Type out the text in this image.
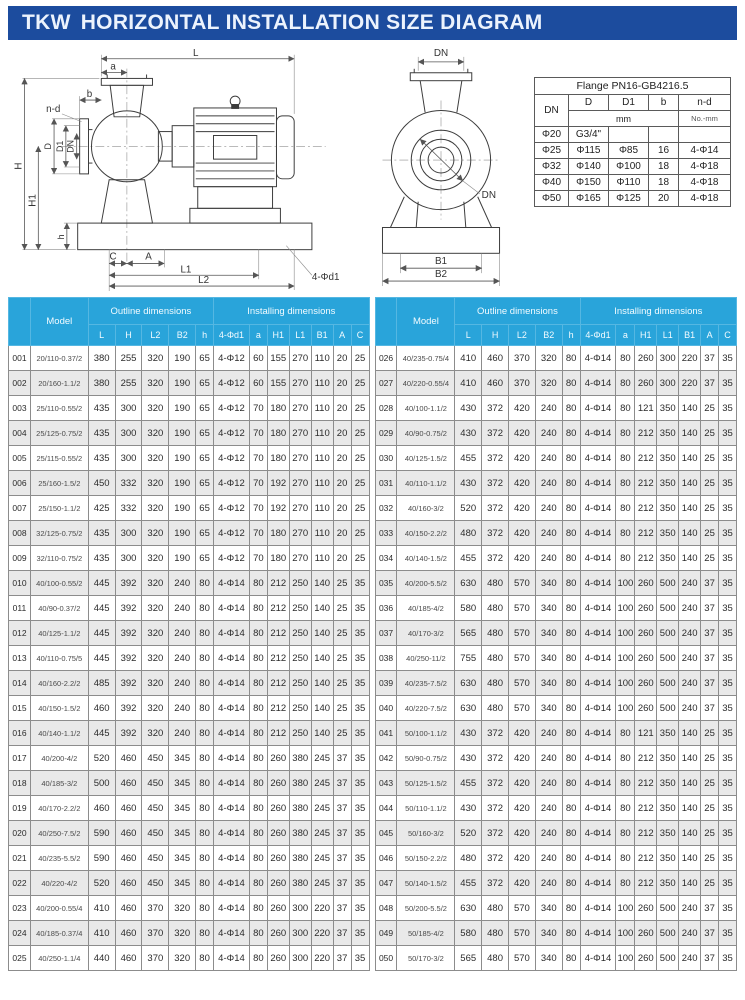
TKW HORIZONTAL INSTALLATION SIZE DIAGRAM
L
a
b
n-d
H
H1
D D1 DN
h
C	A
L1
L2	4-Φd1
DN
DN
B1
B2
Flange PN16-GB4216.5				
DN	D	D1	b	n-d
	mm			No.-mm
Φ20	G3/4"			
Φ25	Φ115	Φ85	16	4-Φ14
Φ32	Φ140	Φ100	18	4-Φ18
Φ40	Φ150	Φ110	18	4-Φ18
Φ50	Φ165	Φ125	20	4-Φ18
	Model	Outline dimensions					Installing dimensions						
		L	H	L2	B2	h	4-Φd1	a	H1	L1	B1	A	C
001	20/110-0.37/2	380	255	320	190	65	4-Φ12	60	155	270	110	20	25
002	20/160-1.1/2	380	255	320	190	65	4-Φ12	60	155	270	110	20	25
003	25/110-0.55/2	435	300	320	190	65	4-Φ12	70	180	270	110	20	25
004	25/125-0.75/2	435	300	320	190	65	4-Φ12	70	180	270	110	20	25
005	25/115-0.55/2	435	300	320	190	65	4-Φ12	70	180	270	110	20	25
006	25/160-1.5/2	450	332	320	190	65	4-Φ12	70	192	270	110	20	25
007	25/150-1.1/2	425	332	320	190	65	4-Φ12	70	192	270	110	20	25
008	32/125-0.75/2	435	300	320	190	65	4-Φ12	70	180	270	110	20	25
009	32/110-0.75/2	435	300	320	190	65	4-Φ12	70	180	270	110	20	25
010	40/100-0.55/2	445	392	320	240	80	4-Φ14	80	212	250	140	25	35
011	40/90-0.37/2	445	392	320	240	80	4-Φ14	80	212	250	140	25	35
012	40/125-1.1/2	445	392	320	240	80	4-Φ14	80	212	250	140	25	35
013	40/110-0.75/5	445	392	320	240	80	4-Φ14	80	212	250	140	25	35
014	40/160-2.2/2	485	392	320	240	80	4-Φ14	80	212	250	140	25	35
015	40/150-1.5/2	460	392	320	240	80	4-Φ14	80	212	250	140	25	35
016	40/140-1.1/2	445	392	320	240	80	4-Φ14	80	212	250	140	25	35
017	40/200-4/2	520	460	450	345	80	4-Φ14	80	260	380	245	37	35
018	40/185-3/2	500	460	450	345	80	4-Φ14	80	260	380	245	37	35
019	40/170-2.2/2	460	460	450	345	80	4-Φ14	80	260	380	245	37	35
020	40/250-7.5/2	590	460	450	345	80	4-Φ14	80	260	380	245	37	35
021	40/235-5.5/2	590	460	450	345	80	4-Φ14	80	260	380	245	37	35
022	40/220-4/2	520	460	450	345	80	4-Φ14	80	260	380	245	37	35
023	40/200-0.55/4	410	460	370	320	80	4-Φ14	80	260	300	220	37	35
024	40/185-0.37/4	410	460	370	320	80	4-Φ14	80	260	300	220	37	35
025	40/250-1.1/4	440	460	370	320	80	4-Φ14	80	260	300	220	37	35
	Model	Outline dimensions					Installing dimensions						
		L	H	L2	B2	h	4-Φd1	a	H1	L1	B1	A	C
026	40/235-0.75/4	410	460	370	320	80	4-Φ14	80	260	300	220	37	35
027	40/220-0.55/4	410	460	370	320	80	4-Φ14	80	260	300	220	37	35
028	40/100-1.1/2	430	372	420	240	80	4-Φ14	80	121	350	140	25	35
029	40/90-0.75/2	430	372	420	240	80	4-Φ14	80	212	350	140	25	35
030	40/125-1.5/2	455	372	420	240	80	4-Φ14	80	212	350	140	25	35
031	40/110-1.1/2	430	372	420	240	80	4-Φ14	80	212	350	140	25	35
032	40/160-3/2	520	372	420	240	80	4-Φ14	80	212	350	140	25	35
033	40/150-2.2/2	480	372	420	240	80	4-Φ14	80	212	350	140	25	35
034	40/140-1.5/2	455	372	420	240	80	4-Φ14	80	212	350	140	25	35
035	40/200-5.5/2	630	480	570	340	80	4-Φ14	100	260	500	240	37	35
036	40/185-4/2	580	480	570	340	80	4-Φ14	100	260	500	240	37	35
037	40/170-3/2	565	480	570	340	80	4-Φ14	100	260	500	240	37	35
038	40/250-11/2	755	480	570	340	80	4-Φ14	100	260	500	240	37	35
039	40/235-7.5/2	630	480	570	340	80	4-Φ14	100	260	500	240	37	35
040	40/220-7.5/2	630	480	570	340	80	4-Φ14	100	260	500	240	37	35
041	50/100-1.1/2	430	372	420	240	80	4-Φ14	80	121	350	140	25	35
042	50/90-0.75/2	430	372	420	240	80	4-Φ14	80	212	350	140	25	35
043	50/125-1.5/2	455	372	420	240	80	4-Φ14	80	212	350	140	25	35
044	50/110-1.1/2	430	372	420	240	80	4-Φ14	80	212	350	140	25	35
045	50/160-3/2	520	372	420	240	80	4-Φ14	80	212	350	140	25	35
046	50/150-2.2/2	480	372	420	240	80	4-Φ14	80	212	350	140	25	35
047	50/140-1.5/2	455	372	420	240	80	4-Φ14	80	212	350	140	25	35
048	50/200-5.5/2	630	480	570	340	80	4-Φ14	100	260	500	240	37	35
049	50/185-4/2	580	480	570	340	80	4-Φ14	100	260	500	240	37	35
050	50/170-3/2	565	480	570	340	80	4-Φ14	100	260	500	240	37	35
